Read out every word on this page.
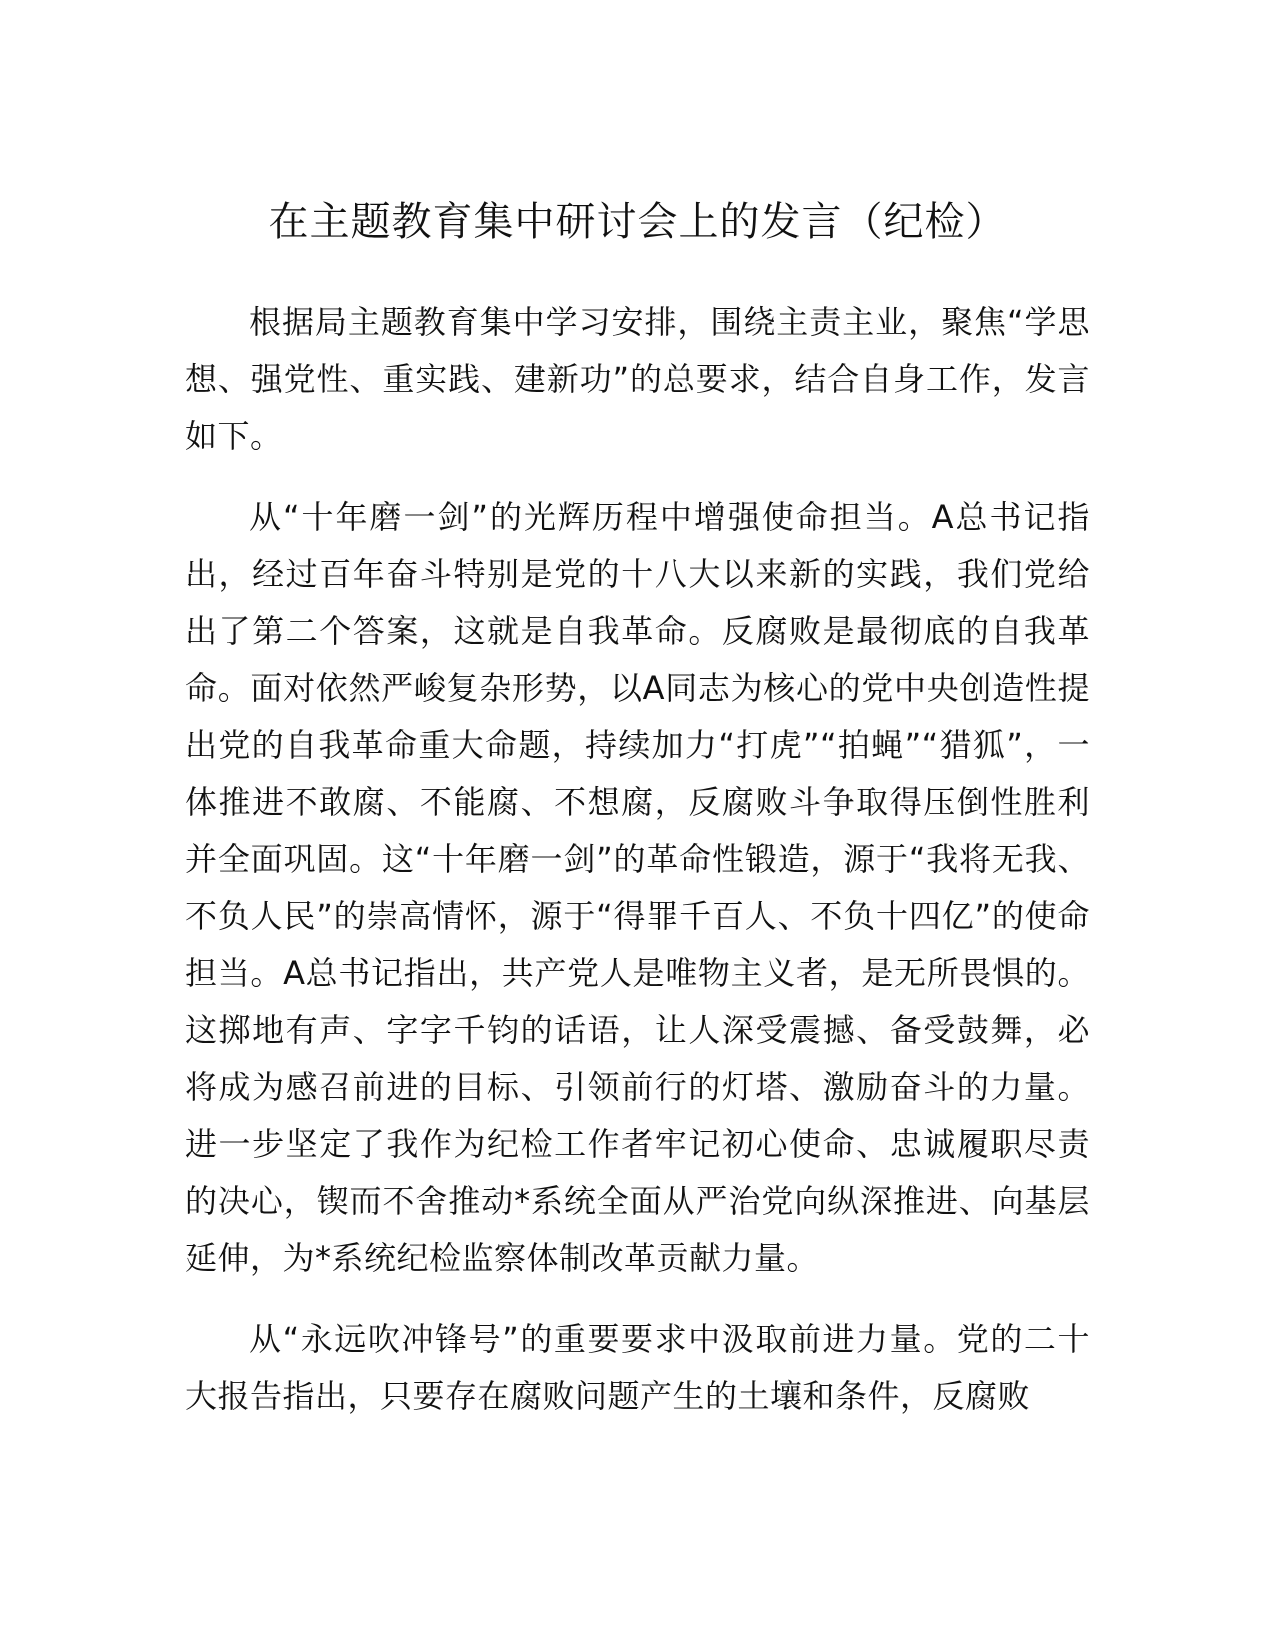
在主题教育集中研讨会上的发言（纪检）

根据局主题教育集中学习安排，围绕主责主业，聚焦“学思想、强党性、重实践、建新功”的总要求，结合自身工作，发言如下。

从“十年磨一剑”的光辉历程中增强使命担当。A总书记指出，经过百年奋斗特别是党的十八大以来新的实践，我们党给出了第二个答案，这就是自我革命。反腐败是最彻底的自我革命。面对依然严峻复杂形势，以A同志为核心的党中央创造性提出党的自我革命重大命题，持续加力“打虎”“拍蝇”“猎狐”，一体推进不敢腐、不能腐、不想腐，反腐败斗争取得压倒性胜利并全面巩固。这“十年磨一剑”的革命性锻造，源于“我将无我、不负人民”的崇高情怀，源于“得罪千百人、不负十四亿”的使命担当。A总书记指出，共产党人是唯物主义者，是无所畏惧的。这掷地有声、字字千钧的话语，让人深受震撼、备受鼓舞，必将成为感召前进的目标、引领前行的灯塔、激励奋斗的力量。进一步坚定了我作为纪检工作者牢记初心使命、忠诚履职尽责的决心，锲而不舍推动*系统全面从严治党向纵深推进、向基层延伸，为*系统纪检监察体制改革贡献力量。

从“永远吹冲锋号”的重要要求中汲取前进力量。党的二十大报告指出，只要存在腐败问题产生的土壤和条件，反腐败
